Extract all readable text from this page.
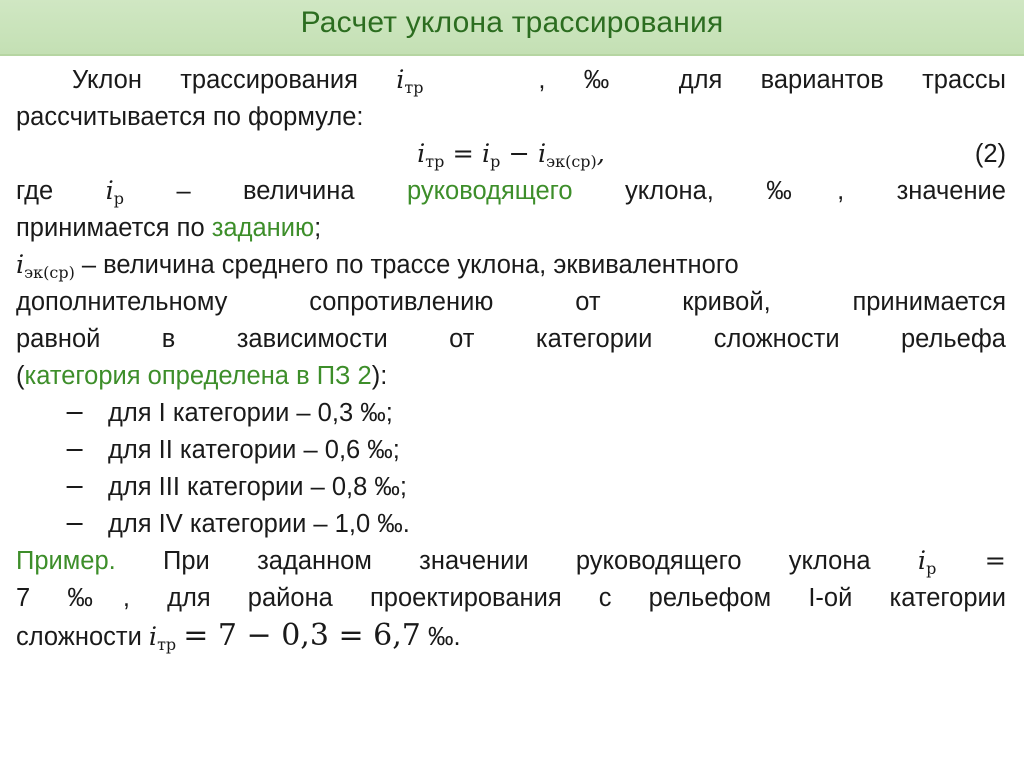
Расчет уклона трассирования
Уклон трассирования $i_{тр}$	, ‰ для вариантов трассы
рассчитывается по формуле:
$i_{тр} = i_р - i_{эк(ср)}$,	(2)
где $i_р$ – величина руководящего уклона, ‰, значение
принимается по заданию;
$i_{эк(ср)}$ – величина среднего по трассе уклона, эквивалентного
дополнительному сопротивлению от кривой, принимается
равной в зависимости от категории сложности рельефа
(категория определена в ПЗ 2):
− для I категории – 0,3 ‰;
− для II категории – 0,6 ‰;
− для III категории – 0,8 ‰;
− для IV категории – 1,0 ‰.
Пример. При заданном значении руководящего уклона $i_р$ =
7 ‰, для района проектирования с рельефом I-ой категории
сложности $i_{тр} = 7 - 0,3 = 6,7$ ‰.
